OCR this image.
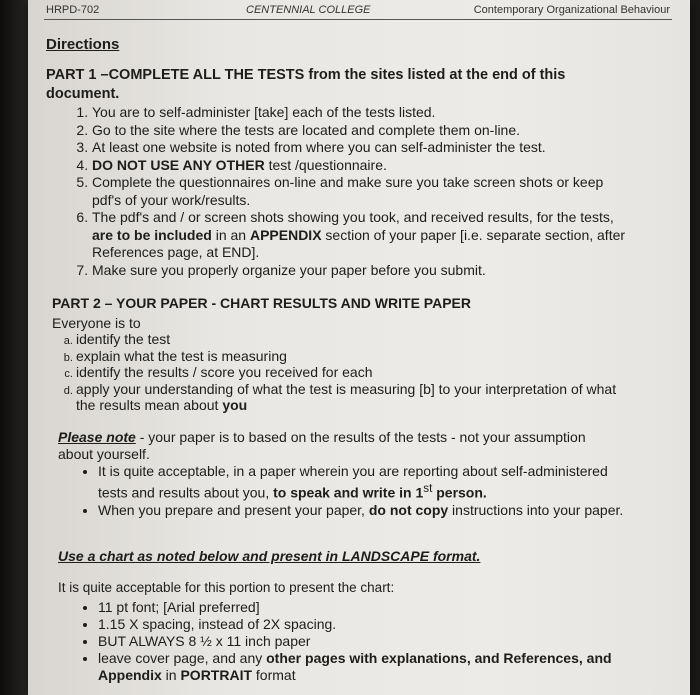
HRPD-702	CENTENNIAL COLLEGE	Contemporary Organizational Behaviour

Directions

PART 1 –COMPLETE ALL THE TESTS from the sites listed at the end of this document.

1. You are to self-administer [take] each of the tests listed.
2. Go to the site where the tests are located and complete them on-line.
3. At least one website is noted from where you can self-administer the test.
4. DO NOT USE ANY OTHER test /questionnaire.
5. Complete the questionnaires on-line and make sure you take screen shots or keep pdf's of your work/results.
6. The pdf's and / or screen shots showing you took, and received results, for the tests, are to be included in an APPENDIX section of your paper [i.e. separate section, after References page, at END].
7. Make sure you properly organize your paper before you submit.

PART 2 – YOUR PAPER - CHART RESULTS AND WRITE PAPER

Everyone is to

a. identify the test
b. explain what the test is measuring
c. identify the results / score you received for each
d. apply your understanding of what the test is measuring [b] to your interpretation of what the results mean about you

Please note - your paper is to based on the results of the tests - not your assumption about yourself.

• It is quite acceptable, in a paper wherein you are reporting about self-administered tests and results about you, to speak and write in 1st person.
• When you prepare and present your paper, do not copy instructions into your paper.

Use a chart as noted below and present in LANDSCAPE format.

It is quite acceptable for this portion to present the chart:

• 11 pt font; [Arial preferred]
• 1.15 X spacing, instead of 2X spacing.
• BUT ALWAYS 8 ½ x 11 inch paper
• leave cover page, and any other pages with explanations, and References, and Appendix in PORTRAIT format
